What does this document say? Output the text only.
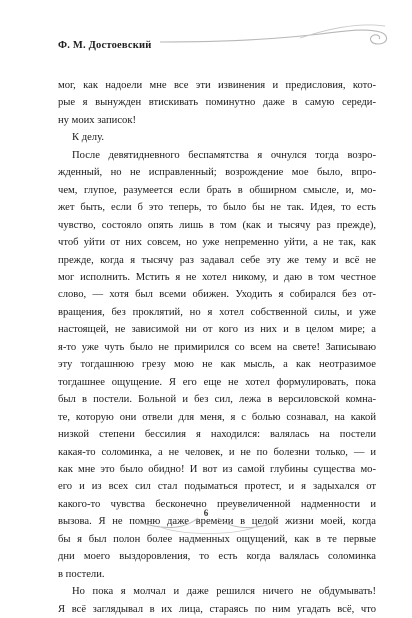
Ф. М. Достоевский
мог, как надоели мне все эти извинения и предисловия, кото-
рые я вынужден втискивать поминутно даже в самую середи-
ну моих записок!
К делу.
После девятидневного беспамятства я очнулся тогда возро-
жденный, но не исправленный; возрождение мое было, впро-
чем, глупое, разумеется если брать в обширном смысле, и, мо-
жет быть, если б это теперь, то было бы не так. Идея, то есть
чувство, состояло опять лишь в том (как и тысячу раз прежде),
чтоб уйти от них совсем, но уже непременно уйти, а не так, как
прежде, когда я тысячу раз задавал себе эту же тему и всё не
мог исполнить. Мстить я не хотел никому, и даю в том честное
слово, — хотя был всеми обижен. Уходить я собирался без от-
вращения, без проклятий, но я хотел собственной силы, и уже
настоящей, не зависимой ни от кого из них и в целом мире; а
я-то уже чуть было не примирился со всем на свете! Записываю
эту тогдашнюю грезу мою не как мысль, а как неотразимое
тогдашнее ощущение. Я его еще не хотел формулировать, пока
был в постели. Больной и без сил, лежа в версиловской комна-
те, которую они отвели для меня, я с болью сознавал, на какой
низкой степени бессилия я находился: валялась на постели
какая-то соломинка, а не человек, и не по болезни только, — и
как мне это было обидно! И вот из самой глубины существа мо-
его и из всех сил стал подыматься протест, и я задыхался от
какого-то чувства бесконечно преувеличенной надменности и
вызова. Я не помню даже времени в целой жизни моей, когда
бы я был полон более надменных ощущений, как в те первые
дни моего выздоровления, то есть когда валялась соломинка
в постели.
Но пока я молчал и даже решился ничего не обдумывать!
Я всё заглядывал в их лица, стараясь по ним угадать всё, что
6
